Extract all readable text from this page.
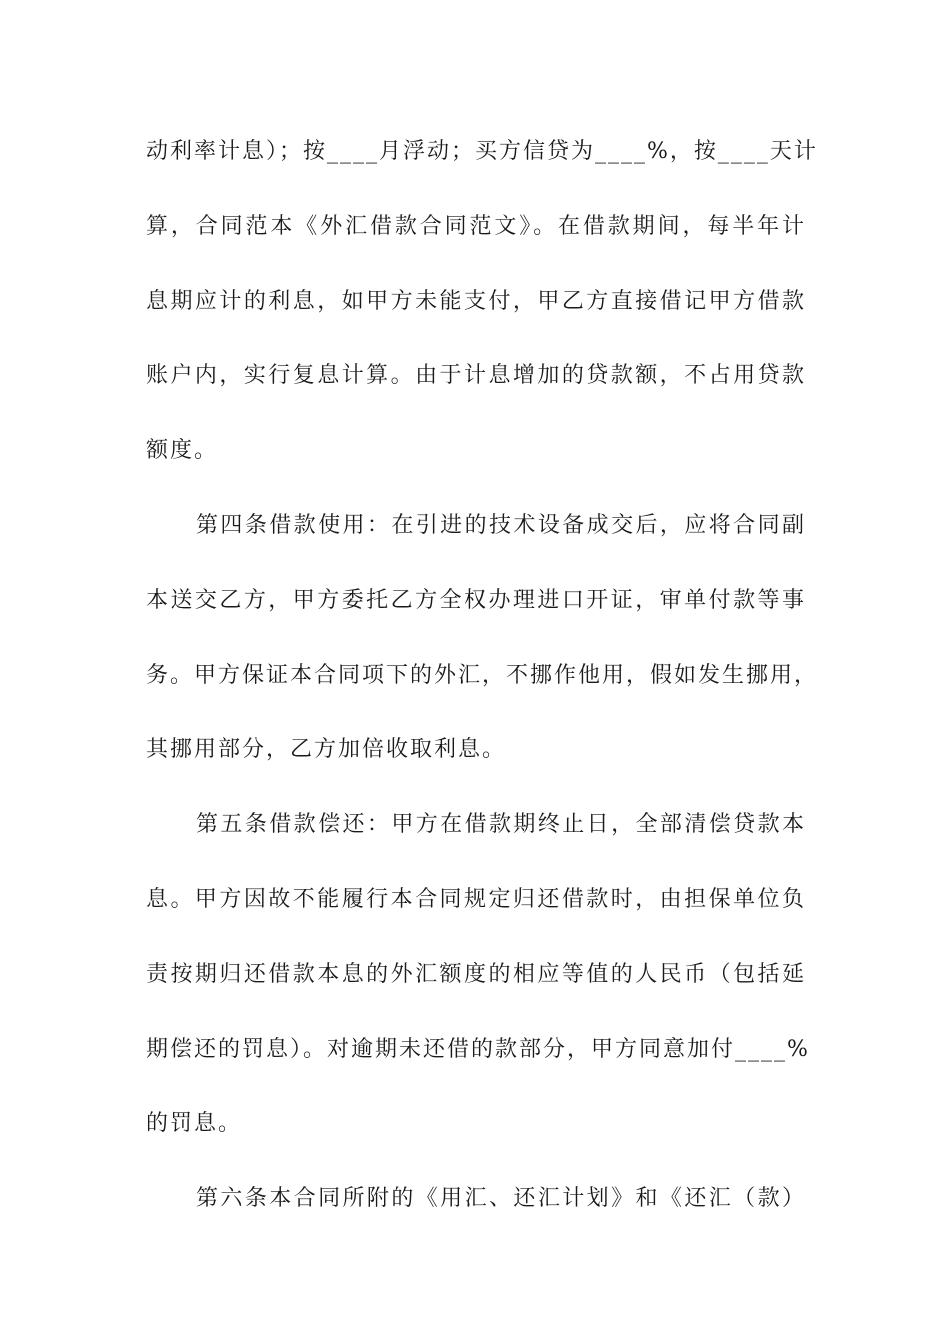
动利率计息）；按____月浮动；买方信贷为____%，按____天计
算，合同范本《外汇借款合同范文》。在借款期间，每半年计
息期应计的利息，如甲方未能支付，甲乙方直接借记甲方借款
账户内，实行复息计算。由于计息增加的贷款额，不占用贷款
额度。
第四条借款使用：在引进的技术设备成交后，应将合同副
本送交乙方，甲方委托乙方全权办理进口开证，审单付款等事
务。甲方保证本合同项下的外汇，不挪作他用，假如发生挪用，
其挪用部分，乙方加倍收取利息。
第五条借款偿还：甲方在借款期终止日，全部清偿贷款本
息。甲方因故不能履行本合同规定归还借款时，由担保单位负
责按期归还借款本息的外汇额度的相应等值的人民币（包括延
期偿还的罚息）。对逾期未还借的款部分，甲方同意加付____%
的罚息。
第六条本合同所附的《用汇、还汇计划》和《还汇（款）
